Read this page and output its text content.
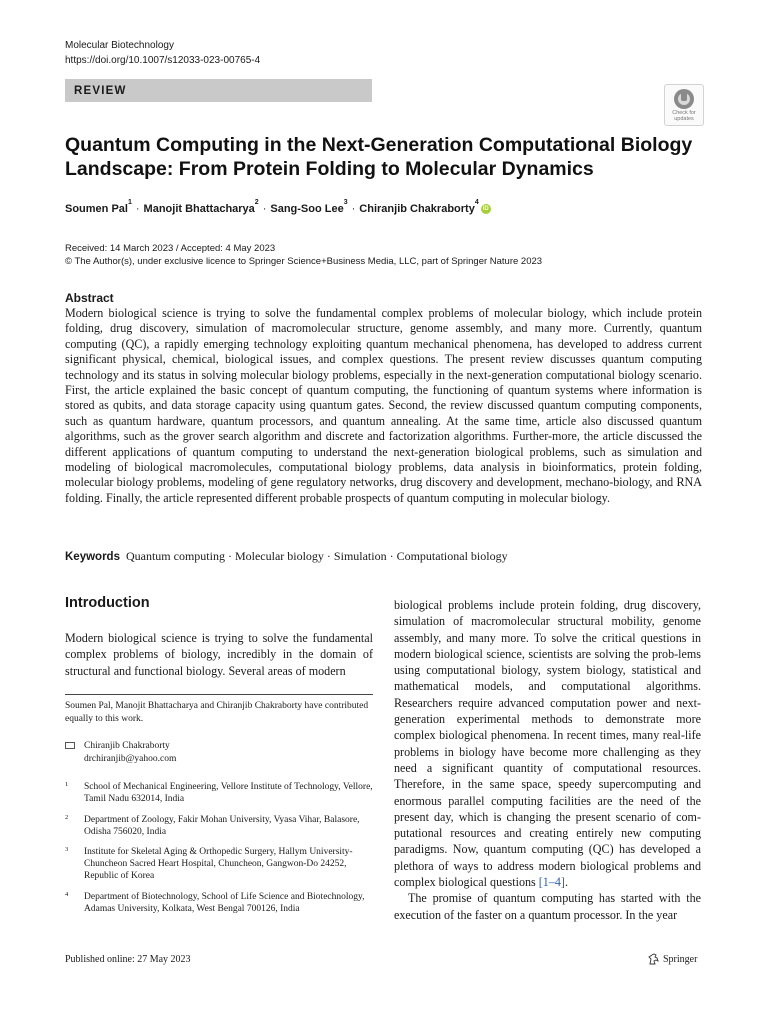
Molecular Biotechnology
https://doi.org/10.1007/s12033-023-00765-4
REVIEW
Check for
updates
Quantum Computing in the Next-Generation Computational Biology Landscape: From Protein Folding to Molecular Dynamics
Soumen Pal
1
· Manojit Bhattacharya
2
· Sang-Soo Lee
3
· Chiranjib Chakraborty
4
iD
Received: 14 March 2023 / Accepted: 4 May 2023
© The Author(s), under exclusive licence to Springer Science+Business Media, LLC, part of Springer Nature 2023
Abstract
Modern biological science is trying to solve the fundamental complex problems of molecular biology, which include protein folding, drug discovery, simulation of macromolecular structure, genome assembly, and many more. Currently, quantum computing (QC), a rapidly emerging technology exploiting quantum mechanical phenomena, has developed to address current significant physical, chemical, biological issues, and complex questions. The present review discusses quantum computing technology and its status in solving molecular biology problems, especially in the next-generation computational biology scenario. First, the article explained the basic concept of quantum computing, the functioning of quantum systems where information is stored as qubits, and data storage capacity using quantum gates. Second, the review discussed quantum computing components, such as quantum hardware, quantum processors, and quantum annealing. At the same time, article also discussed quantum algorithms, such as the grover search algorithm and discrete and factorization algorithms. Further-more, the article discussed the different applications of quantum computing to understand the next-generation biological problems, such as simulation and modeling of biological macromolecules, computational biology problems, data analysis in bioinformatics, protein folding, molecular biology problems, modeling of gene regulatory networks, drug discovery and development, mechano-biology, and RNA folding. Finally, the article represented different probable prospects of quantum computing in molecular biology.
Keywords Quantum computing · Molecular biology · Simulation · Computational biology
Introduction
Modern biological science is trying to solve the fundamental complex problems of biology, incredibly in the domain of structural and functional biology. Several areas of modern
Soumen Pal, Manojit Bhattacharya and Chiranjib Chakraborty have contributed equally to this work.
Chiranjib Chakraborty
drchiranjib@yahoo.com
1 School of Mechanical Engineering, Vellore Institute of Technology, Vellore, Tamil Nadu 632014, India
2 Department of Zoology, Fakir Mohan University, Vyasa Vihar, Balasore, Odisha 756020, India
3 Institute for Skeletal Aging & Orthopedic Surgery, Hallym University-Chuncheon Sacred Heart Hospital, Chuncheon, Gangwon-Do 24252, Republic of Korea
4 Department of Biotechnology, School of Life Science and Biotechnology, Adamas University, Kolkata, West Bengal 700126, India

biological problems include protein folding, drug discovery, simulation of macromolecular structural mobility, genome assembly, and many more. To solve the critical questions in modern biological science, scientists are solving the prob-lems using computational biology, system biology, statistical and mathematical models, and computational algorithms. Researchers require advanced computation power and next-generation experimental methods to demonstrate more complex biological phenomena. In recent times, many real-life problems in biology have become more challenging as they need a significant quantity of computational resources. Therefore, in the same space, speedy supercomputing and enormous parallel computing facilities are the need of the present day, which is changing the present scenario of com-putational resources and creating entirely new computing paradigms. Now, quantum computing (QC) has developed a plethora of ways to address modern biological problems and complex biological questions [1–4].

The promise of quantum computing has started with the execution of the faster on a quantum processor. In the year

Published online: 27 May 2023	Springer
